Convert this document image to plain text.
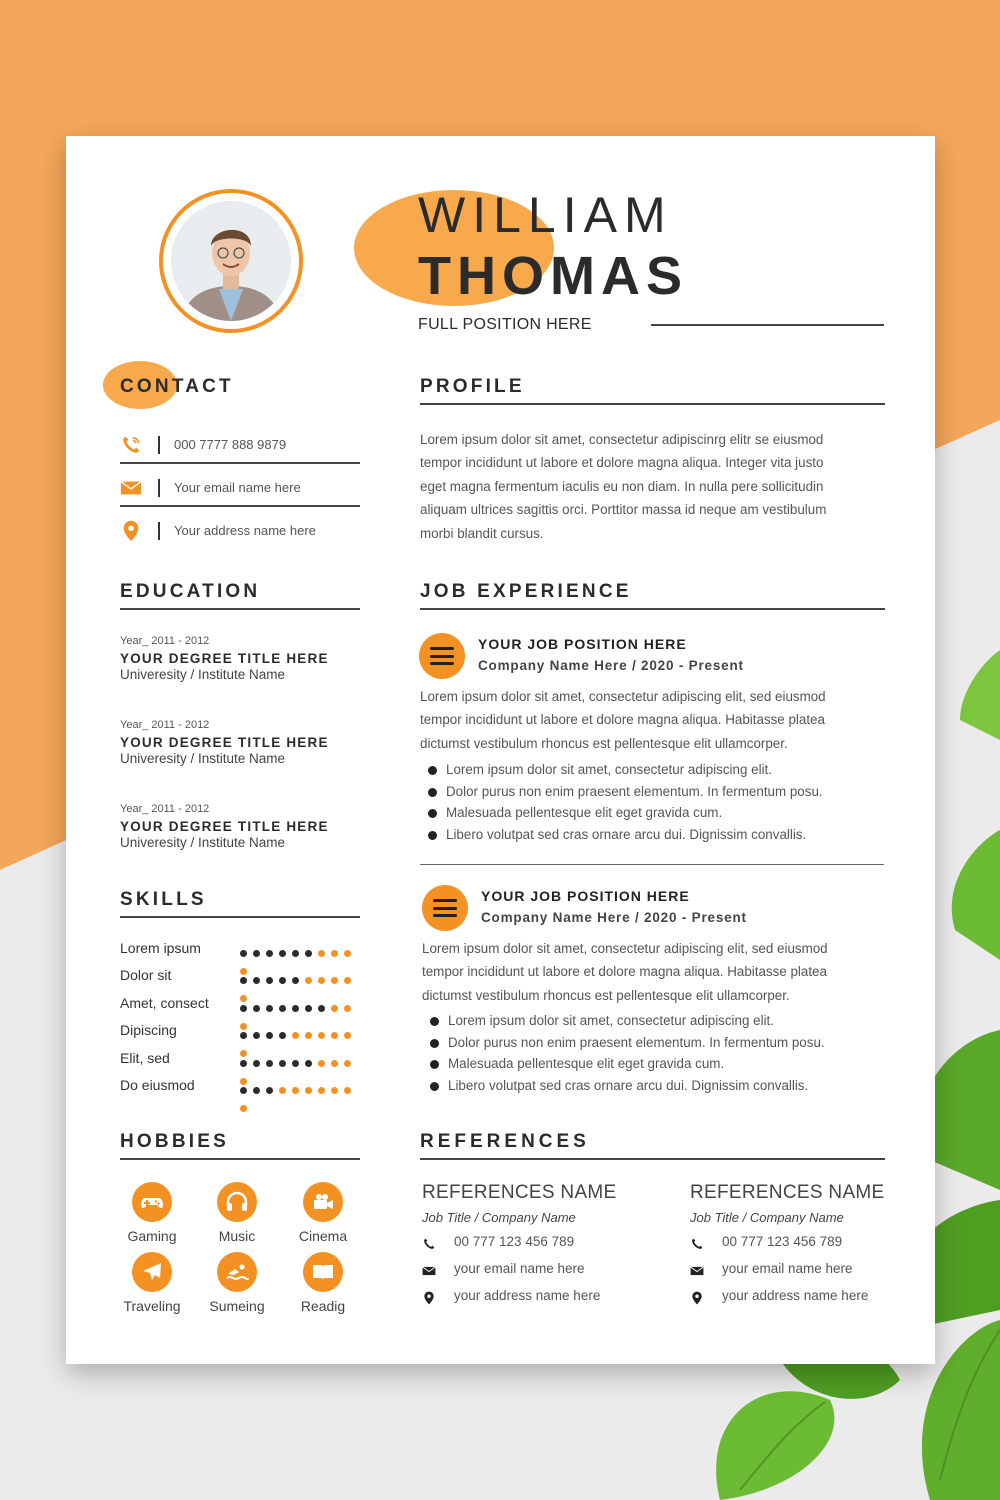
WILLIAM
THOMAS
FULL POSITION HERE
CONTACT
000 7777 888 9879
Your email name here
Your address name here
EDUCATION
Year_ 2011 - 2012
YOUR DEGREE TITLE HERE
Univeresity / Institute Name
Year_ 2011 - 2012
YOUR DEGREE TITLE HERE
Univeresity / Institute Name
Year_ 2011 - 2012
YOUR DEGREE TITLE HERE
Univeresity / Institute Name
SKILLS
Lorem ipsum
Dolor sit
Amet, consect
Dipiscing
Elit, sed
Do eiusmod
HOBBIES
Gaming	Music	Cinema
Traveling	Sumeing	Readig
PROFILE
Lorem ipsum dolor sit amet, consectetur adipiscinrg elitr se eiusmod
tempor incididunt ut labore et dolore magna aliqua. Integer vita justo
eget magna fermentum iaculis eu non diam. In nulla pere sollicitudin
aliquam ultrices sagittis orci. Porttitor massa id neque am vestibulum
morbi blandit cursus.
JOB EXPERIENCE
YOUR JOB POSITION HERE
Company Name Here / 2020 - Present
Lorem ipsum dolor sit amet, consectetur adipiscing elit, sed eiusmod
tempor incididunt ut labore et dolore magna aliqua. Habitasse platea
dictumst vestibulum rhoncus est pellentesque elit ullamcorper.
Lorem ipsum dolor sit amet, consectetur adipiscing elit.
Dolor purus non enim praesent elementum. In fermentum posu.
Malesuada pellentesque elit eget gravida cum.
Libero volutpat sed cras ornare arcu dui. Dignissim convallis.
YOUR JOB POSITION HERE
Company Name Here / 2020 - Present
Lorem ipsum dolor sit amet, consectetur adipiscing elit, sed eiusmod
tempor incididunt ut labore et dolore magna aliqua. Habitasse platea
dictumst vestibulum rhoncus est pellentesque elit ullamcorper.
Lorem ipsum dolor sit amet, consectetur adipiscing elit.
Dolor purus non enim praesent elementum. In fermentum posu.
Malesuada pellentesque elit eget gravida cum.
Libero volutpat sed cras ornare arcu dui. Dignissim convallis.
REFERENCES
REFERENCES NAME
Job Title / Company Name
00 777 123 456 789
your email name here
your address name here
REFERENCES NAME
Job Title / Company Name
00 777 123 456 789
your email name here
your address name here
